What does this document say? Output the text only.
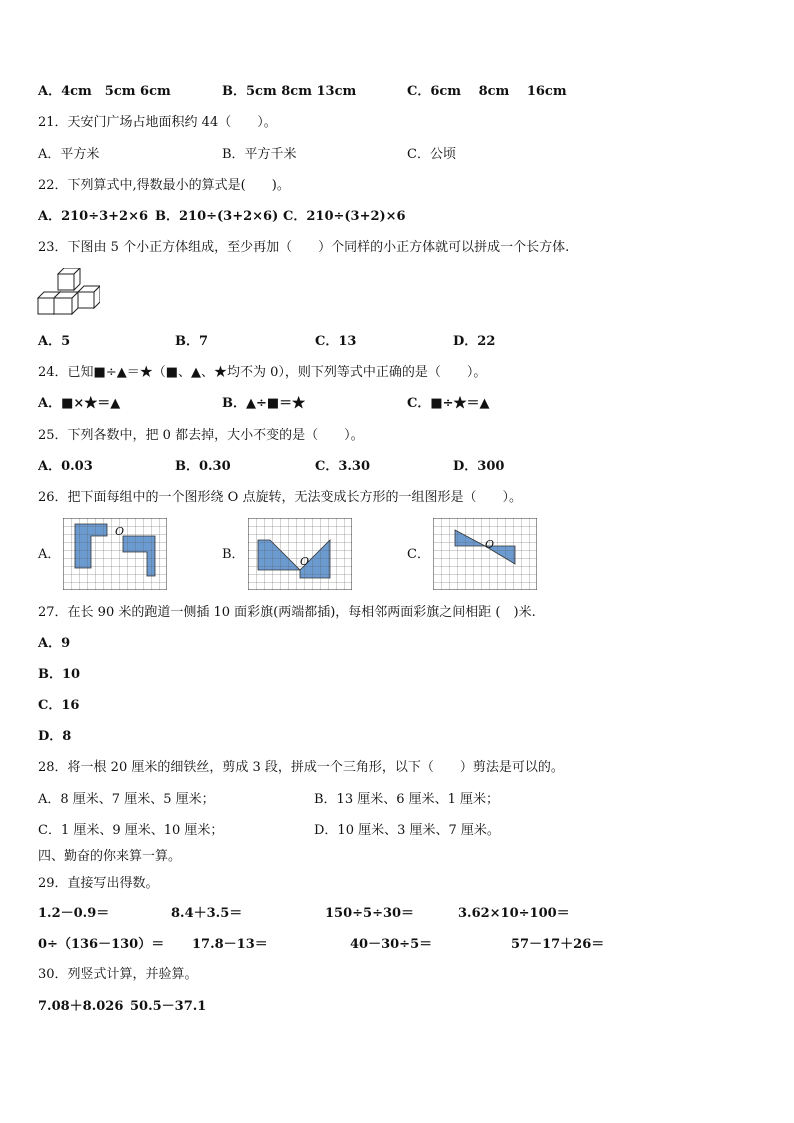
A．4cm　5cm 6cm	B．5cm 8cm 13cm	C．6cm　 8cm　 16cm
21．天安门广场占地面积约 44（　　）。
A．平方米	B．平方千米	C．公顷
22．下列算式中,得数最小的算式是(　　)。
A．210÷3+2×6 B．210÷(3+2×6) C．210÷(3+2)×6
23．下图由 5 个小正方体组成，至少再加（　　）个同样的小正方体就可以拼成一个长方体.
A．5	B．7	C．13	D．22
24．已知■÷▲＝★（■、▲、★均不为 0），则下列等式中正确的是（　　）。
A．■×★＝▲	B．▲÷■＝★	C．■÷★＝▲
25．下列各数中，把 0 都去掉，大小不变的是（　　）。
A．0.03	B．0.30	C．3.30	D．300
26．把下面每组中的一个图形绕 O 点旋转，无法变成长方形的一组图形是（　　）。
A．	B．	C．
O
O
O
27．在长 90 米的跑道一侧插 10 面彩旗(两端都插)，每相邻两面彩旗之间相距 (　)米.
A．9
B．10
C．16
D．8
28．将一根 20 厘米的细铁丝，剪成 3 段，拼成一个三角形，以下（　　）剪法是可以的。
A．8 厘米、7 厘米、5 厘米；	B．13 厘米、6 厘米、1 厘米；
C．1 厘米、9 厘米、10 厘米；	D．10 厘米、3 厘米、7 厘米。
四、勤奋的你来算一算。
29．直接写出得数。
1.2－0.9＝	8.4＋3.5＝	150÷5÷30＝	3.62×10÷100＝
0÷（136－130）＝ 17.8－13＝	40－30÷5＝	57－17＋26＝
30．列竖式计算，并验算。
7.08＋8.026 50.5－37.1
